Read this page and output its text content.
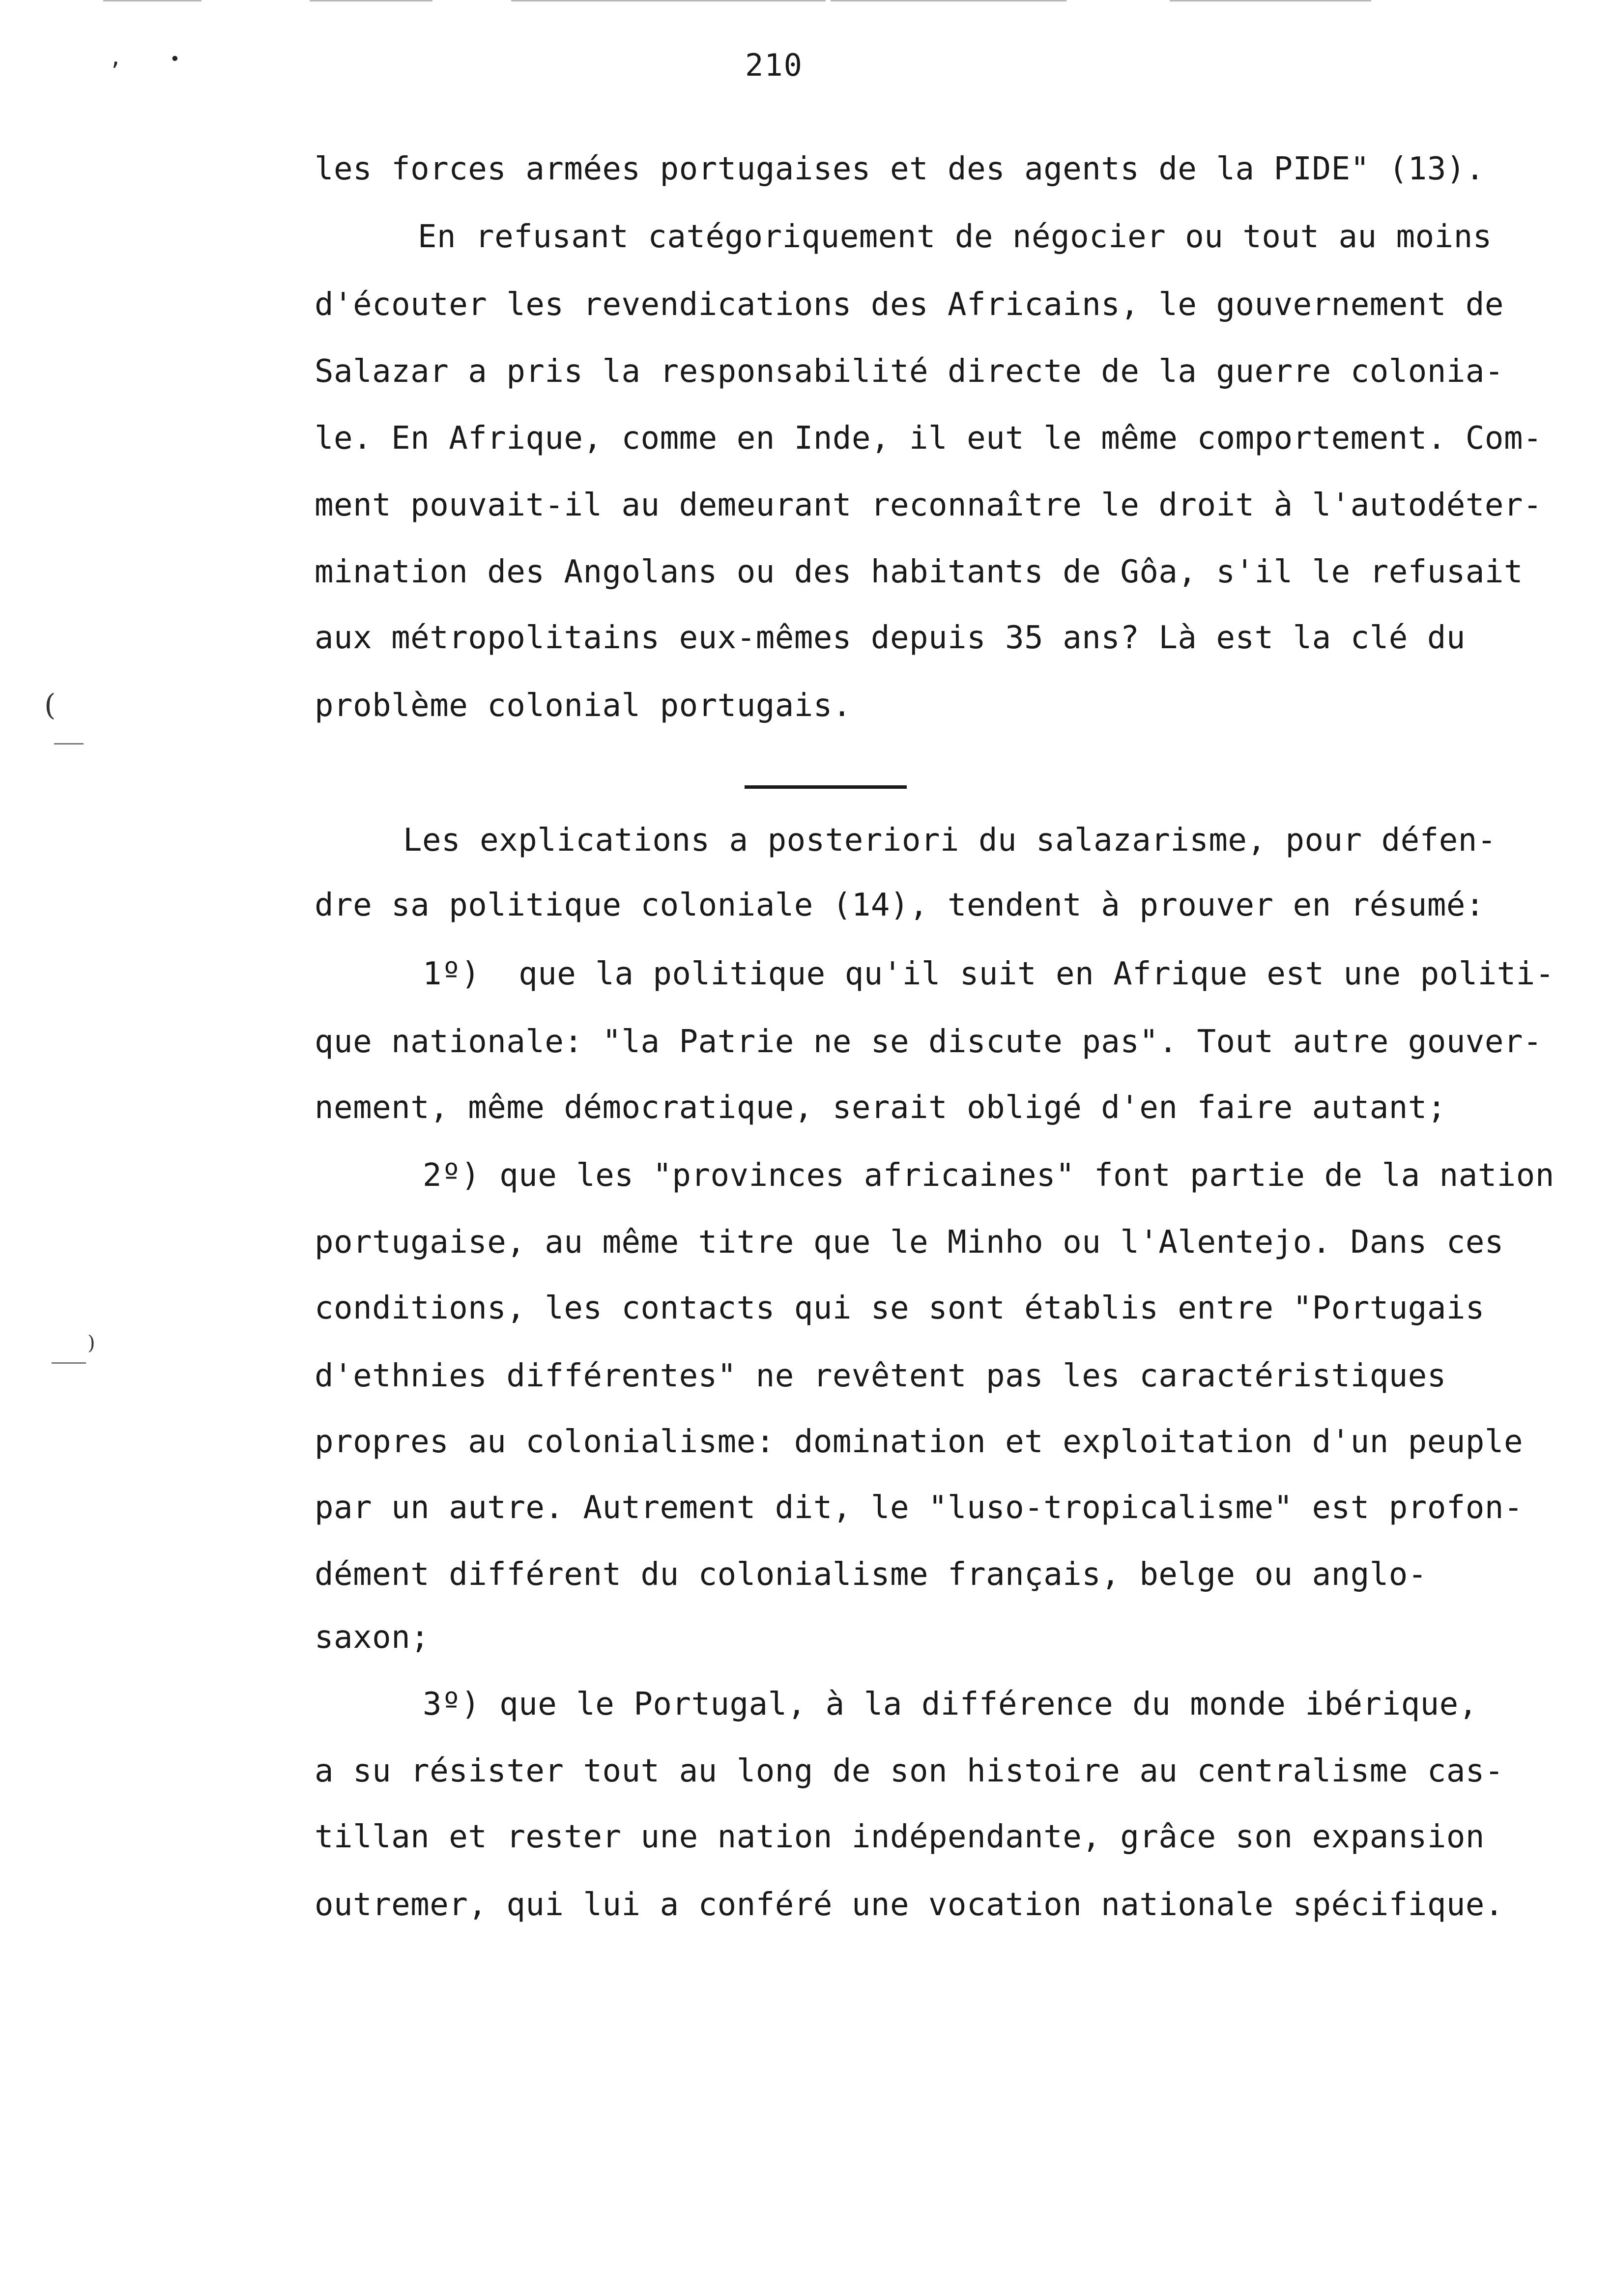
,	•	210
les forces armées portugaises et des agents de la PIDE" (13).
En refusant catégoriquement de négocier ou tout au moins
d'écouter les revendications des Africains, le gouvernement de
Salazar a pris la responsabilité directe de la guerre colonia-
le. En Afrique, comme en Inde, il eut le même comportement. Com-
ment pouvait-il au demeurant reconnaître le droit à l'autodéter-
mination des Angolans ou des habitants de Gôa, s'il le refusait
aux métropolitains eux-mêmes depuis 35 ans? Là est la clé du
problème colonial portugais.
Les explications a posteriori du salazarisme, pour défen-
dre sa politique coloniale (14), tendent à prouver en résumé:
1º)  que la politique qu'il suit en Afrique est une politi-
que nationale: "la Patrie ne se discute pas". Tout autre gouver-
nement, même démocratique, serait obligé d'en faire autant;
2º) que les "provinces africaines" font partie de la nation
portugaise, au même titre que le Minho ou l'Alentejo. Dans ces
conditions, les contacts qui se sont établis entre "Portugais
d'ethnies différentes" ne revêtent pas les caractéristiques
propres au colonialisme: domination et exploitation d'un peuple
par un autre. Autrement dit, le "luso-tropicalisme" est profon-
dément différent du colonialisme français, belge ou anglo-
saxon;
3º) que le Portugal, à la différence du monde ibérique,
a su résister tout au long de son histoire au centralisme cas-
tillan et rester une nation indépendante, grâce son expansion
outremer, qui lui a conféré une vocation nationale spécifique.
(
)
